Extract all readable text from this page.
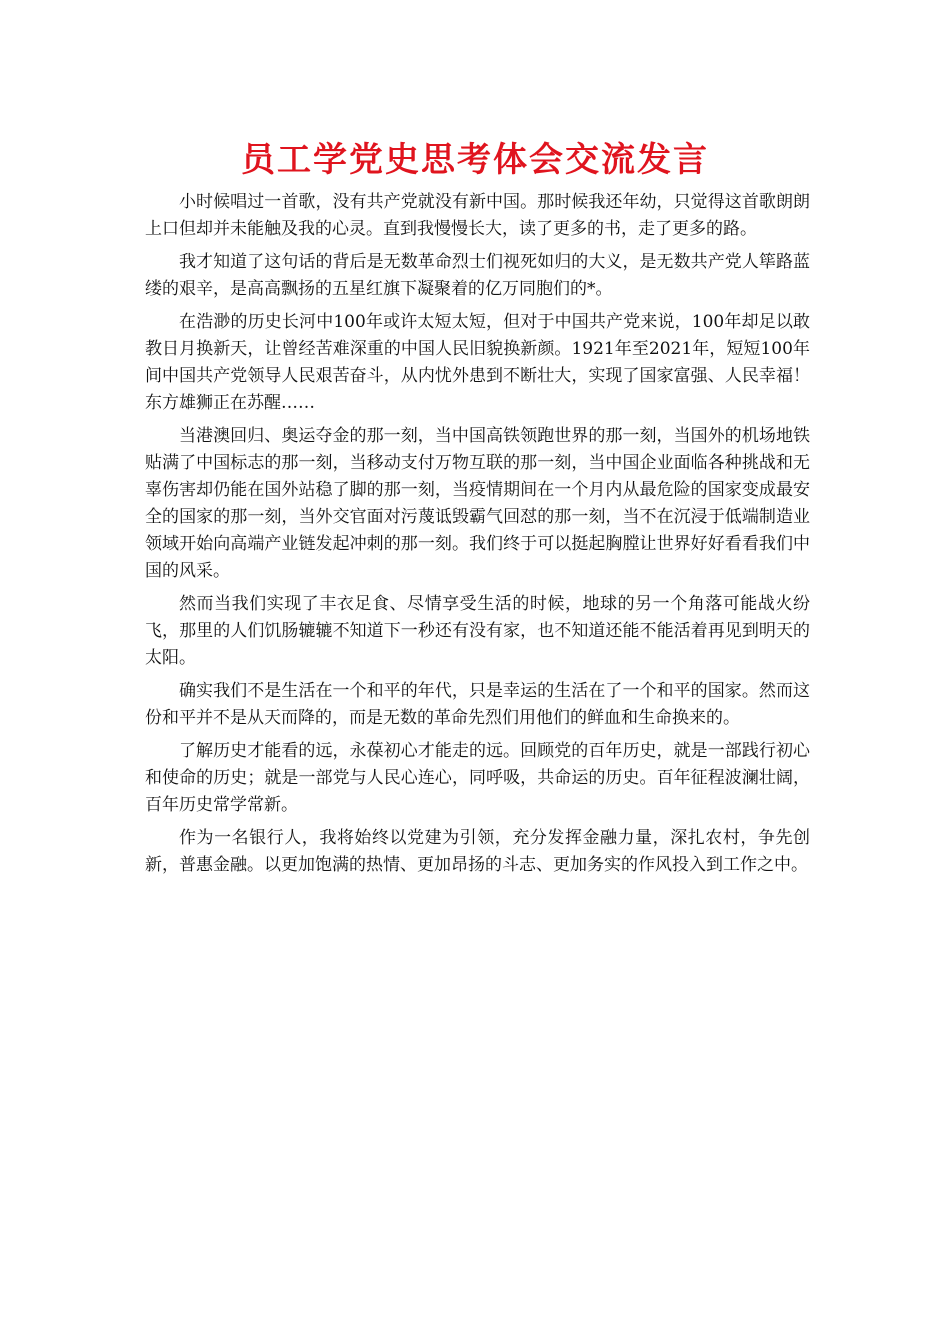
员工学党史思考体会交流发言

小时候唱过一首歌，没有共产党就没有新中国。那时候我还年幼，只觉得这首歌朗朗上口但却并未能触及我的心灵。直到我慢慢长大，读了更多的书，走了更多的路。

我才知道了这句话的背后是无数革命烈士们视死如归的大义，是无数共产党人筚路蓝缕的艰辛，是高高飘扬的五星红旗下凝聚着的亿万同胞们的*。

在浩渺的历史长河中100年或许太短太短，但对于中国共产党来说，100年却足以敢教日月换新天，让曾经苦难深重的中国人民旧貌换新颜。1921年至2021年，短短100年间中国共产党领导人民艰苦奋斗，从内忧外患到不断壮大，实现了国家富强、人民幸福！东方雄狮正在苏醒……

当港澳回归、奥运夺金的那一刻，当中国高铁领跑世界的那一刻，当国外的机场地铁贴满了中国标志的那一刻，当移动支付万物互联的那一刻，当中国企业面临各种挑战和无辜伤害却仍能在国外站稳了脚的那一刻，当疫情期间在一个月内从最危险的国家变成最安全的国家的那一刻，当外交官面对污蔑诋毁霸气回怼的那一刻，当不在沉浸于低端制造业领域开始向高端产业链发起冲刺的那一刻。我们终于可以挺起胸膛让世界好好看看我们中国的风采。

然而当我们实现了丰衣足食、尽情享受生活的时候，地球的另一个角落可能战火纷飞，那里的人们饥肠辘辘不知道下一秒还有没有家，也不知道还能不能活着再见到明天的太阳。

确实我们不是生活在一个和平的年代，只是幸运的生活在了一个和平的国家。然而这份和平并不是从天而降的，而是无数的革命先烈们用他们的鲜血和生命换来的。

了解历史才能看的远，永葆初心才能走的远。回顾党的百年历史，就是一部践行初心和使命的历史；就是一部党与人民心连心，同呼吸，共命运的历史。百年征程波澜壮阔，百年历史常学常新。

作为一名银行人，我将始终以党建为引领，充分发挥金融力量，深扎农村，争先创新，普惠金融。以更加饱满的热情、更加昂扬的斗志、更加务实的作风投入到工作之中。
